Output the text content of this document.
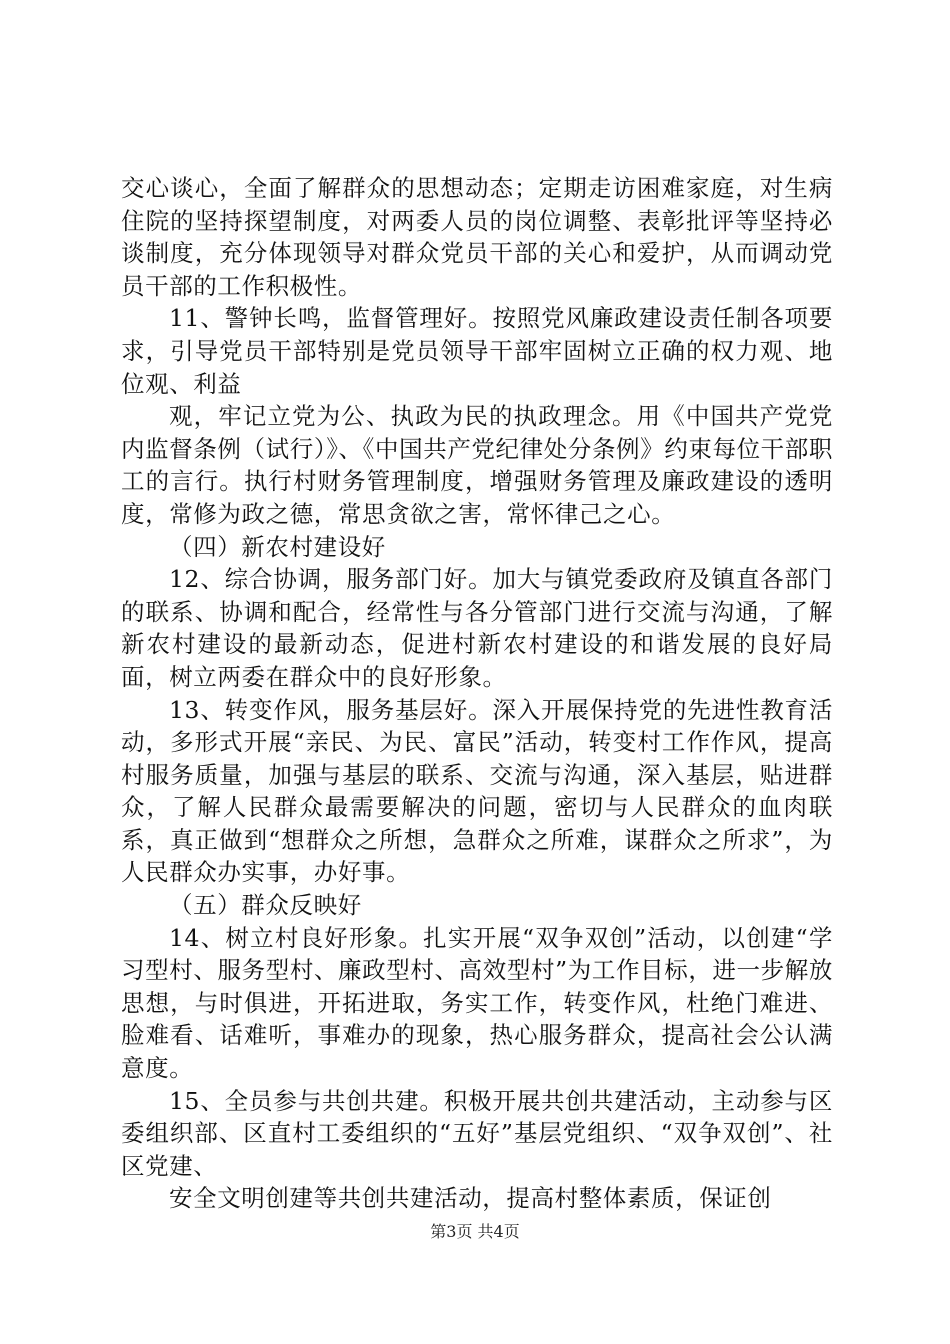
交心谈心，全面了解群众的思想动态；定期走访困难家庭，对生病住院的坚持探望制度，对两委人员的岗位调整、表彰批评等坚持必谈制度，充分体现领导对群众党员干部的关心和爱护，从而调动党员干部的工作积极性。

11、警钟长鸣，监督管理好。按照党风廉政建设责任制各项要求，引导党员干部特别是党员领导干部牢固树立正确的权力观、地位观、利益

观，牢记立党为公、执政为民的执政理念。用《中国共产党党内监督条例（试行）》、《中国共产党纪律处分条例》约束每位干部职工的言行。执行村财务管理制度，增强财务管理及廉政建设的透明度，常修为政之德，常思贪欲之害，常怀律己之心。

（四）新农村建设好

12、综合协调，服务部门好。加大与镇党委政府及镇直各部门的联系、协调和配合，经常性与各分管部门进行交流与沟通，了解新农村建设的最新动态，促进村新农村建设的和谐发展的良好局面，树立两委在群众中的良好形象。

13、转变作风，服务基层好。深入开展保持党的先进性教育活动，多形式开展“亲民、为民、富民”活动，转变村工作作风，提高村服务质量，加强与基层的联系、交流与沟通，深入基层，贴进群众，了解人民群众最需要解决的问题，密切与人民群众的血肉联系，真正做到“想群众之所想，急群众之所难，谋群众之所求”，为人民群众办实事，办好事。

（五）群众反映好

14、树立村良好形象。扎实开展“双争双创”活动，以创建“学习型村、服务型村、廉政型村、高效型村”为工作目标，进一步解放思想，与时俱进，开拓进取，务实工作，转变作风，杜绝门难进、脸难看、话难听，事难办的现象，热心服务群众，提高社会公认满意度。

15、全员参与共创共建。积极开展共创共建活动，主动参与区委组织部、区直村工委组织的“五好”基层党组织、“双争双创”、社区党建、

安全文明创建等共创共建活动，提高村整体素质，保证创

第3页 共4页
